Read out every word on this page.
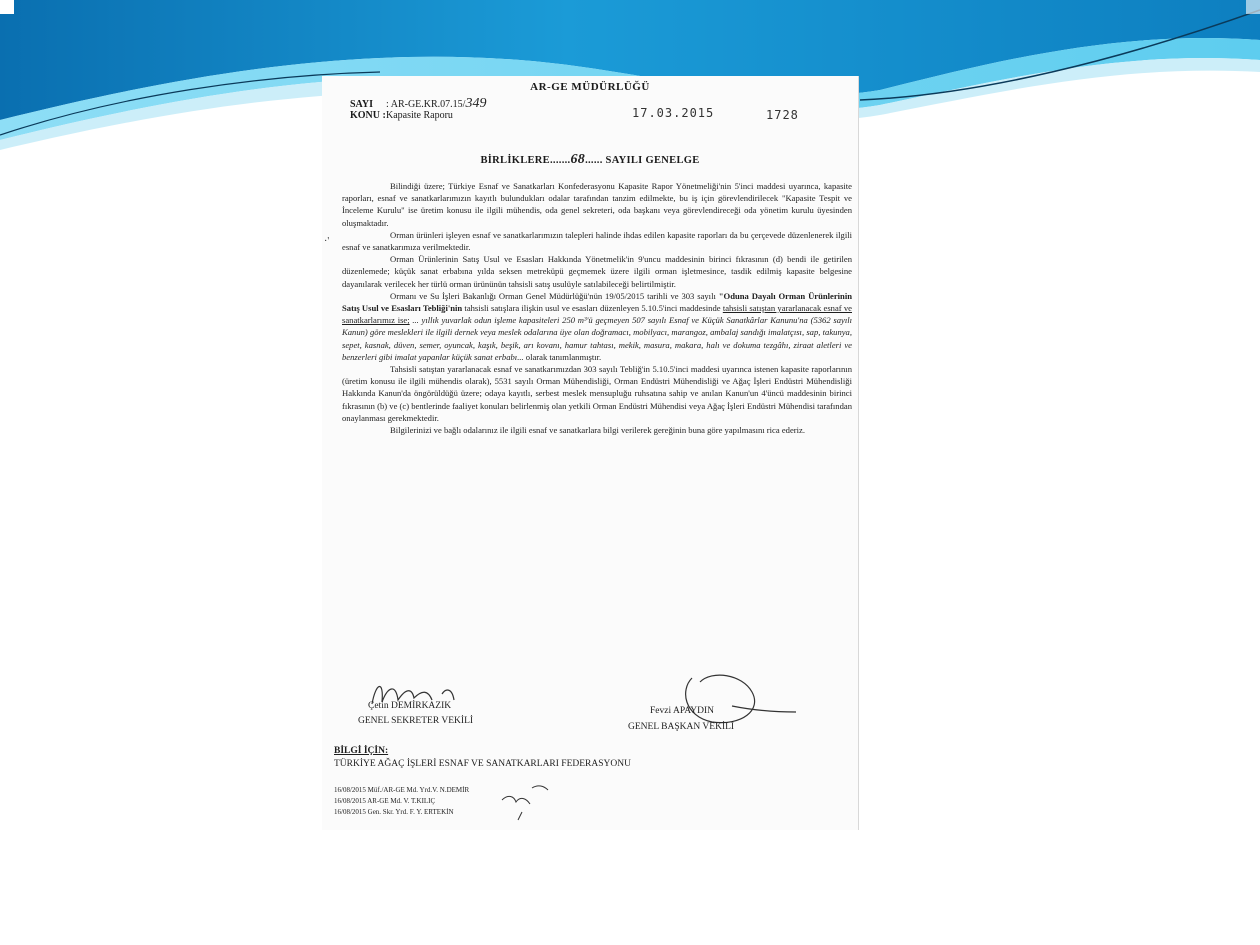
AR-GE MÜDÜRLÜĞÜ
SAYI : AR-GE.KR.07.15/349
KONU :Kapasite Raporu	17.03.2015	1728
BİRLİKLERE.......68...... SAYILI GENELGE
·'

Bilindiği üzere; Türkiye Esnaf ve Sanatkarları Konfederasyonu Kapasite Rapor Yönetmeliği'nin 5'inci maddesi uyarınca, kapasite raporları, esnaf ve sanatkarlarımızın kayıtlı bulundukları odalar tarafından tanzim edilmekte, bu iş için görevlendirilecek "Kapasite Tespit ve İnceleme Kurulu" ise üretim konusu ile ilgili mühendis, oda genel sekreteri, oda başkanı veya görevlendireceği oda yönetim kurulu üyesinden oluşmaktadır.

Orman ürünleri işleyen esnaf ve sanatkarlarımızın talepleri halinde ihdas edilen kapasite raporları da bu çerçevede düzenlenerek ilgili esnaf ve sanatkarımıza verilmektedir.

Orman Ürünlerinin Satış Usul ve Esasları Hakkında Yönetmelik'in 9'uncu maddesinin birinci fıkrasının (d) bendi ile getirilen düzenlemede; küçük sanat erbabına yılda seksen metreküpü geçmemek üzere ilgili orman işletmesince, tasdik edilmiş kapasite belgesine dayanılarak verilecek her türlü orman ürününün tahsisli satış usulüyle satılabileceği belirtilmiştir.

Ormanı ve Su İşleri Bakanlığı Orman Genel Müdürlüğü'nün 19/05/2015 tarihli ve 303 sayılı "Oduna Dayalı Orman Ürünlerinin Satış Usul ve Esasları Tebliği'nin tahsisli satışlara ilişkin usul ve esasları düzenleyen 5.10.5'inci maddesinde tahsisli satıştan yararlanacak esnaf ve sanatkarlarımız ise; ... yıllık yuvarlak odun işleme kapasiteleri 250 m³'ü geçmeyen 507 sayılı Esnaf ve Küçük Sanatkârlar Kanunu'na (5362 sayılı Kanun) göre meslekleri ile ilgili dernek veya meslek odalarına üye olan doğramacı, mobilyacı, marangoz, ambalaj sandığı imalatçısı, sap, takunya, sepet, kasnak, düven, semer, oyuncak, kaşık, beşik, arı kovanı, hamur tahtası, mekik, masura, makara, halı ve dokuma tezgâhı, ziraat aletleri ve benzerleri gibi imalat yapanlar küçük sanat erbabı... olarak tanımlanmıştır.

Tahsisli satıştan yararlanacak esnaf ve sanatkarımızdan 303 sayılı Tebliğ'in 5.10.5'inci maddesi uyarınca istenen kapasite raporlarının (üretim konusu ile ilgili mühendis olarak), 5531 sayılı Orman Mühendisliği, Orman Endüstri Mühendisliği ve Ağaç İşleri Endüstri Mühendisliği Hakkında Kanun'da öngörüldüğü üzere; odaya kayıtlı, serbest meslek mensupluğu ruhsatına sahip ve anılan Kanun'un 4'üncü maddesinin birinci fıkrasının (b) ve (c) bentlerinde faaliyet konuları belirlenmiş olan yetkili Orman Endüstri Mühendisi veya Ağaç İşleri Endüstri Mühendisi tarafından onaylanması gerekmektedir.

Bilgilerinizi ve bağlı odalarınız ile ilgili esnaf ve sanatkarlara bilgi verilerek gereğinin buna göre yapılmasını rica ederiz.

Çetin DEMİRKAZIK
GENEL SEKRETER VEKİLİ
Fevzi APAYDIN
GENEL BAŞKAN VEKİLİ
BİLGİ İÇİN:
TÜRKİYE AĞAÇ İŞLERİ ESNAF VE SANATKARLARI FEDERASYONU
16/08/2015 Müf./AR-GE Md. Yrd.V. N.DEMİR
16/08/2015 AR-GE Md. V. T.KILIÇ
16/08/2015 Gen. Skr. Yrd. F. Y. ERTEKİN
